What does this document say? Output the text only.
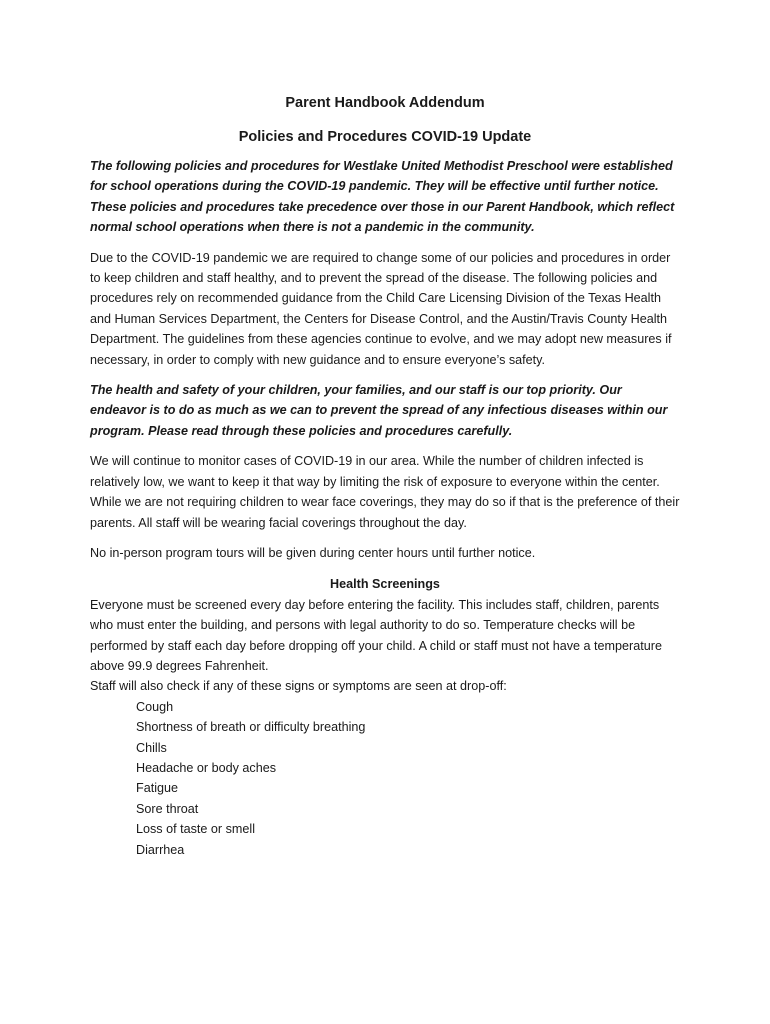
Parent Handbook Addendum
Policies and Procedures COVID-19 Update

The following policies and procedures for Westlake United Methodist Preschool were established for school operations during the COVID-19 pandemic. They will be effective until further notice. These policies and procedures take precedence over those in our Parent Handbook, which reflect normal school operations when there is not a pandemic in the community.

Due to the COVID-19 pandemic we are required to change some of our policies and procedures in order to keep children and staff healthy, and to prevent the spread of the disease. The following policies and procedures rely on recommended guidance from the Child Care Licensing Division of the Texas Health and Human Services Department, the Centers for Disease Control, and the Austin/Travis County Health Department. The guidelines from these agencies continue to evolve, and we may adopt new measures if necessary, in order to comply with new guidance and to ensure everyone’s safety.

The health and safety of your children, your families, and our staff is our top priority. Our endeavor is to do as much as we can to prevent the spread of any infectious diseases within our program. Please read through these policies and procedures carefully.

We will continue to monitor cases of COVID-19 in our area. While the number of children infected is relatively low, we want to keep it that way by limiting the risk of exposure to everyone within the center. While we are not requiring children to wear face coverings, they may do so if that is the preference of their parents. All staff will be wearing facial coverings throughout the day.

No in-person program tours will be given during center hours until further notice.

Health Screenings

Everyone must be screened every day before entering the facility. This includes staff, children, parents who must enter the building, and persons with legal authority to do so. Temperature checks will be performed by staff each day before dropping off your child. A child or staff must not have a temperature above 99.9 degrees Fahrenheit.

Staff will also check if any of these signs or symptoms are seen at drop-off:

Cough
Shortness of breath or difficulty breathing
Chills
Headache or body aches
Fatigue
Sore throat
Loss of taste or smell
Diarrhea
